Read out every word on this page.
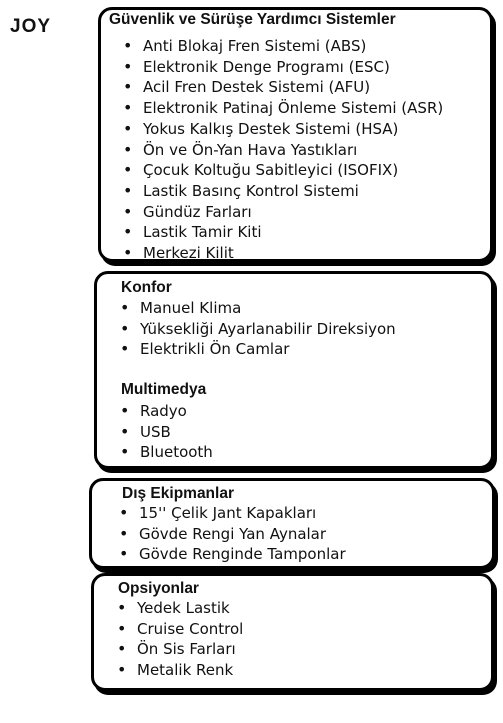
JOY	Güvenlik ve Sürüşe Yardımcı Sistemler
• Anti Blokaj Fren Sistemi (ABS)
• Elektronik Denge Programı (ESC)
• Acil Fren Destek Sistemi (AFU)
• Elektronik Patinaj Önleme Sistemi (ASR)
• Yokus Kalkış Destek Sistemi (HSA)
• Ön ve Ön-Yan Hava Yastıkları
• Çocuk Koltuğu Sabitleyici (ISOFIX)
• Lastik Basınç Kontrol Sistemi
• Gündüz Farları
• Lastik Tamir Kiti
• Merkezi Kilit
Konfor
• Manuel Klima
• Yüksekliği Ayarlanabilir Direksiyon
• Elektrikli Ön Camlar
Multimedya
• Radyo
• USB
• Bluetooth
Dış Ekipmanlar
• 15'' Çelik Jant Kapakları
• Gövde Rengi Yan Aynalar
• Gövde Renginde Tamponlar
Opsiyonlar
• Yedek Lastik
• Cruise Control
• Ön Sis Farları
• Metalik Renk
